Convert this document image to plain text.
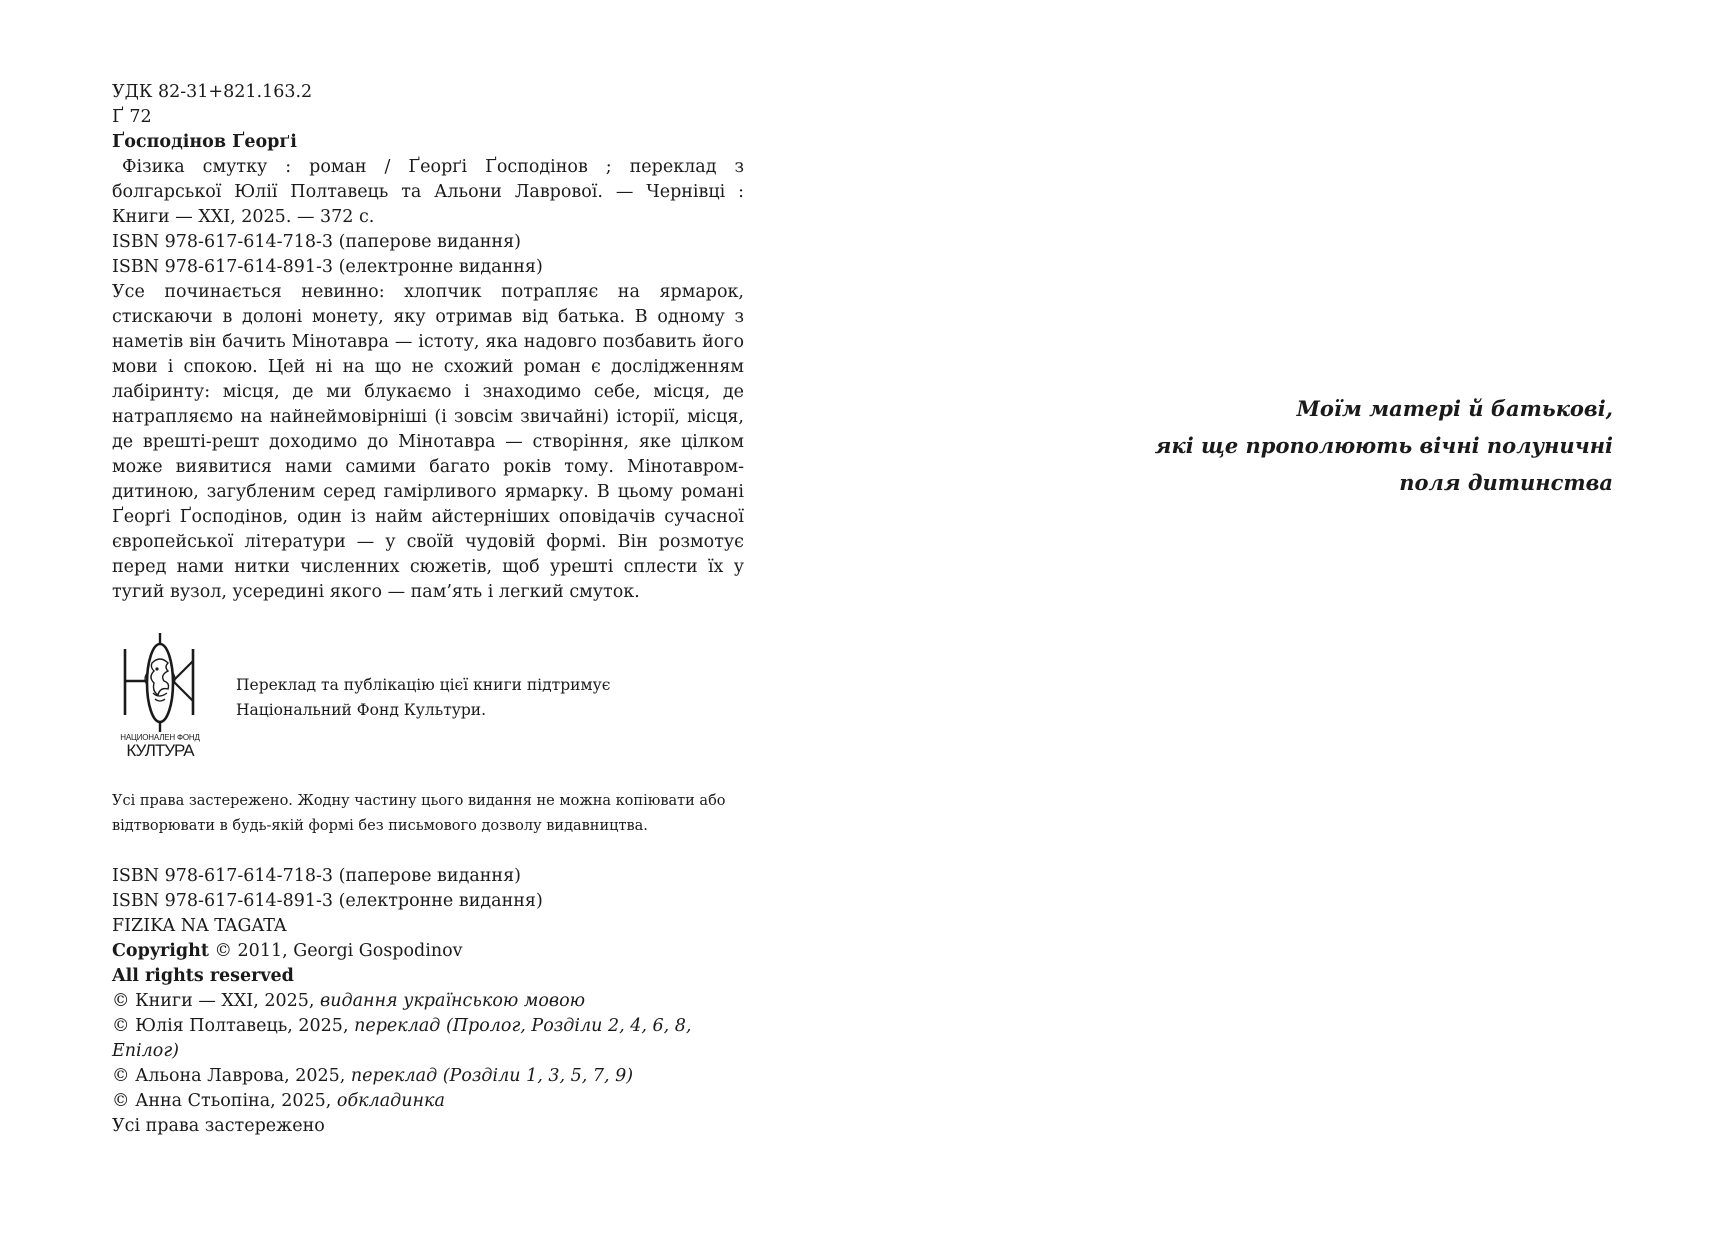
УДК 82-31+821.163.2
Ґ 72

Ґосподінов Ґеорґі
Фізика смутку : роман / Ґеорґі Ґосподінов ; переклад з болгарської Юлії Полтавець та Альони Лаврової. — Чернівці : Книги — ХХІ, 2025. — 372 с.

ISBN 978-617-614-718-3 (паперове видання)
ISBN 978-617-614-891-3 (електронне видання)

Усе починається невинно: хлопчик потрапляє на ярмарок, стискаючи в долоні монету, яку отримав від батька. В одному з наметів він бачить Мінотавра — істоту, яка надовго позбавить його мови і спокою. Цей ні на що не схожий роман є дослідженням лабіринту: місця, де ми блукаємо і знаходимо себе, місця, де натрапляємо на найнеймовірніші (і зовсім звичайні) історії, місця, де врешті-решт доходимо до Мінотавра — створіння, яке цілком може виявитися нами самими багато років тому. Мінотавром-дитиною, загубленим серед гамірливого ярмарку. В цьому романі Ґеорґі Ґосподінов, один із найм айстерніших оповідачів сучасної європейської літератури — у своїй чудовій формі. Він розмотує перед нами нитки численних сюжетів, щоб урешті сплести їх у тугий вузол, усередині якого — пам’ять і легкий смуток.

НАЦИОНАЛЕН ФОНД
КУЛТУРА
Переклад та публікацію цієї книги підтримує
Національний Фонд Культури.

Усі права застережено. Жодну частину цього видання не можна копіювати або
відтворювати в будь-якій формі без письмового дозволу видавництва.

ISBN 978-617-614-718-3 (паперове видання)
ISBN 978-617-614-891-3 (електронне видання)

FIZIKA NA TAGATA
Copyright © 2011, Georgi Gospodinov
All rights reserved

© Книги — ХХІ, 2025, видання українською мовою
© Юлія Полтавець, 2025, переклад (Пролог, Розділи 2, 4, 6, 8, Епілог)
© Альона Лаврова, 2025, переклад (Розділи 1, 3, 5, 7, 9)
© Анна Стьопіна, 2025, обкладинка

Усі права застережено

Моїм матері й батькові,
які ще прополюють вічні полуничні
поля дитинства
